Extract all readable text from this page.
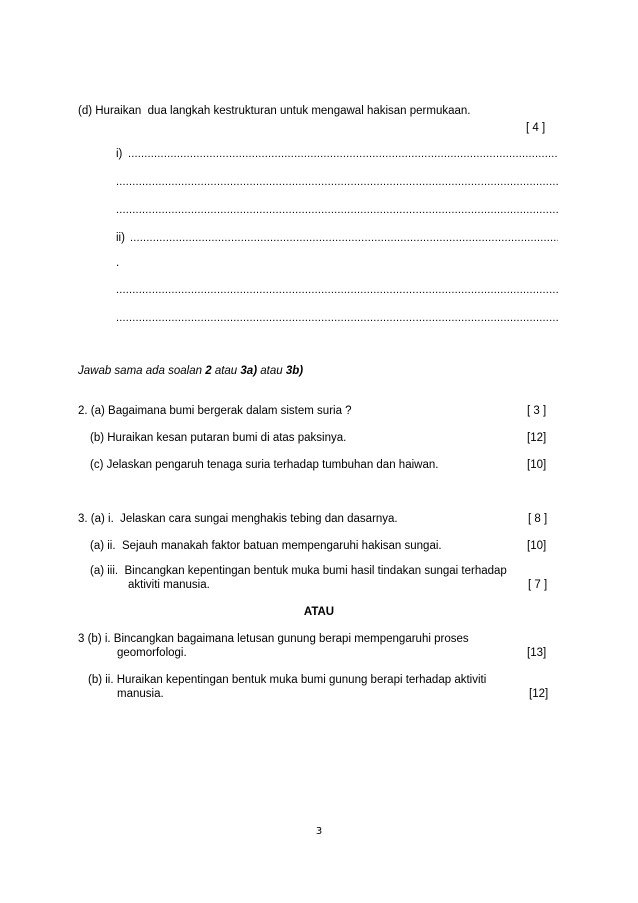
(d) Huraikan  dua langkah kestrukturan untuk mengawal hakisan permukaan.
[ 4 ]
i)
.....
.....
.....
ii)
.....
.
.....
.....
Jawab sama ada soalan 2 atau 3a) atau 3b)
2. (a) Bagaimana bumi bergerak dalam sistem suria ?	[ 3 ]
(b) Huraikan kesan putaran bumi di atas paksinya.	[12]
(c) Jelaskan pengaruh tenaga suria terhadap tumbuhan dan haiwan.	[10]
3. (a) i.  Jelaskan cara sungai menghakis tebing dan dasarnya.	[ 8 ]
(a) ii.  Sejauh manakah faktor batuan mempengaruhi hakisan sungai.	[10]
(a) iii.  Bincangkan kepentingan bentuk muka bumi hasil tindakan sungai terhadap
aktiviti manusia.	[ 7 ]
ATAU
3 (b) i. Bincangkan bagaimana letusan gunung berapi mempengaruhi proses
geomorfologi.	[13]
(b) ii. Huraikan kepentingan bentuk muka bumi gunung berapi terhadap aktiviti
manusia.	[12]
3
